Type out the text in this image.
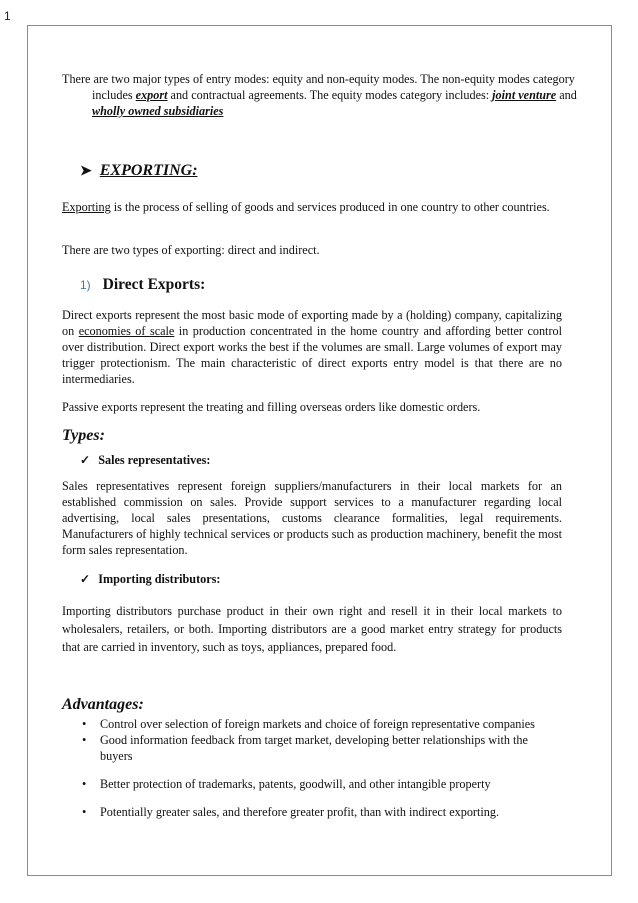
1

There are two major types of entry modes: equity and non-equity modes. The non-equity modes category includes export and contractual agreements. The equity modes category includes: joint venture and wholly owned subsidiaries

➤ EXPORTING:

Exporting is the process of selling of goods and services produced in one country to other countries.

There are two types of exporting: direct and indirect.

1) Direct Exports:

Direct exports represent the most basic mode of exporting made by a (holding) company, capitalizing on economies of scale in production concentrated in the home country and affording better control over distribution. Direct export works the best if the volumes are small. Large volumes of export may trigger protectionism. The main characteristic of direct exports entry model is that there are no intermediaries.

Passive exports represent the treating and filling overseas orders like domestic orders.

Types:
✓ Sales representatives:

Sales representatives represent foreign suppliers/manufacturers in their local markets for an established commission on sales. Provide support services to a manufacturer regarding local advertising, local sales presentations, customs clearance formalities, legal requirements. Manufacturers of highly technical services or products such as production machinery, benefit the most form sales representation.

✓ Importing distributors:

Importing distributors purchase product in their own right and resell it in their local markets to wholesalers, retailers, or both. Importing distributors are a good market entry strategy for products that are carried in inventory, such as toys, appliances, prepared food.

Advantages:
• Control over selection of foreign markets and choice of foreign representative companies
• Good information feedback from target market, developing better relationships with the buyers
• Better protection of trademarks, patents, goodwill, and other intangible property
• Potentially greater sales, and therefore greater profit, than with indirect exporting.
